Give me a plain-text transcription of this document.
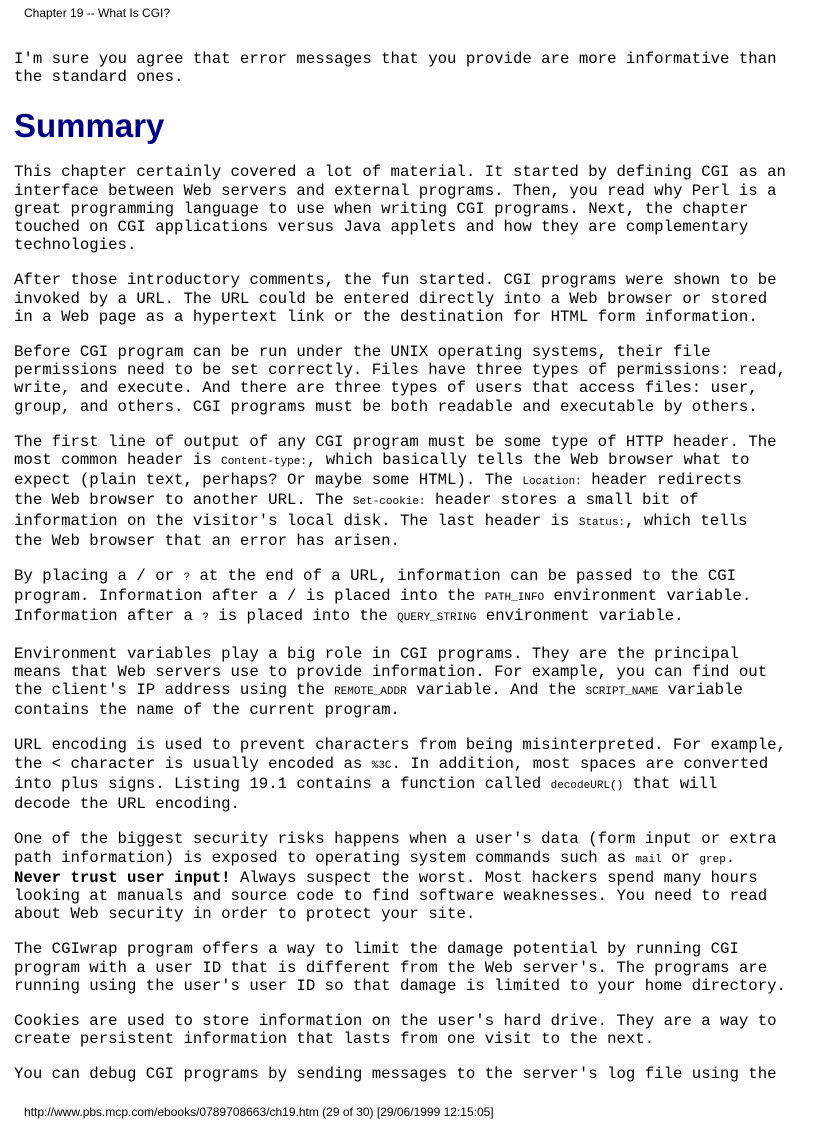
Chapter 19 -- What Is CGI?
I'm sure you agree that error messages that you provide are more informative than
the standard ones.
Summary
This chapter certainly covered a lot of material. It started by defining CGI as an
interface between Web servers and external programs. Then, you read why Perl is a
great programming language to use when writing CGI programs. Next, the chapter
touched on CGI applications versus Java applets and how they are complementary
technologies.
After those introductory comments, the fun started. CGI programs were shown to be
invoked by a URL. The URL could be entered directly into a Web browser or stored
in a Web page as a hypertext link or the destination for HTML form information.
Before CGI program can be run under the UNIX operating systems, their file
permissions need to be set correctly. Files have three types of permissions: read,
write, and execute. And there are three types of users that access files: user,
group, and others. CGI programs must be both readable and executable by others.
The first line of output of any CGI program must be some type of HTTP header. The
most common header is Content-type:, which basically tells the Web browser what to
expect (plain text, perhaps? Or maybe some HTML). The Location: header redirects
the Web browser to another URL. The Set-cookie: header stores a small bit of
information on the visitor's local disk. The last header is Status:, which tells
the Web browser that an error has arisen.
By placing a / or ? at the end of a URL, information can be passed to the CGI
program. Information after a / is placed into the PATH_INFO environment variable.
Information after a ? is placed into the QUERY_STRING environment variable.
Environment variables play a big role in CGI programs. They are the principal
means that Web servers use to provide information. For example, you can find out
the client's IP address using the REMOTE_ADDR variable. And the SCRIPT_NAME variable
contains the name of the current program.
URL encoding is used to prevent characters from being misinterpreted. For example,
the < character is usually encoded as %3C. In addition, most spaces are converted
into plus signs. Listing 19.1 contains a function called decodeURL() that will
decode the URL encoding.
One of the biggest security risks happens when a user's data (form input or extra
path information) is exposed to operating system commands such as mail or grep.
Never trust user input! Always suspect the worst. Most hackers spend many hours
looking at manuals and source code to find software weaknesses. You need to read
about Web security in order to protect your site.
The CGIwrap program offers a way to limit the damage potential by running CGI
program with a user ID that is different from the Web server's. The programs are
running using the user's user ID so that damage is limited to your home directory.
Cookies are used to store information on the user's hard drive. They are a way to
create persistent information that lasts from one visit to the next.
You can debug CGI programs by sending messages to the server's log file using the
http://www.pbs.mcp.com/ebooks/0789708663/ch19.htm (29 of 30) [29/06/1999 12:15:05]
